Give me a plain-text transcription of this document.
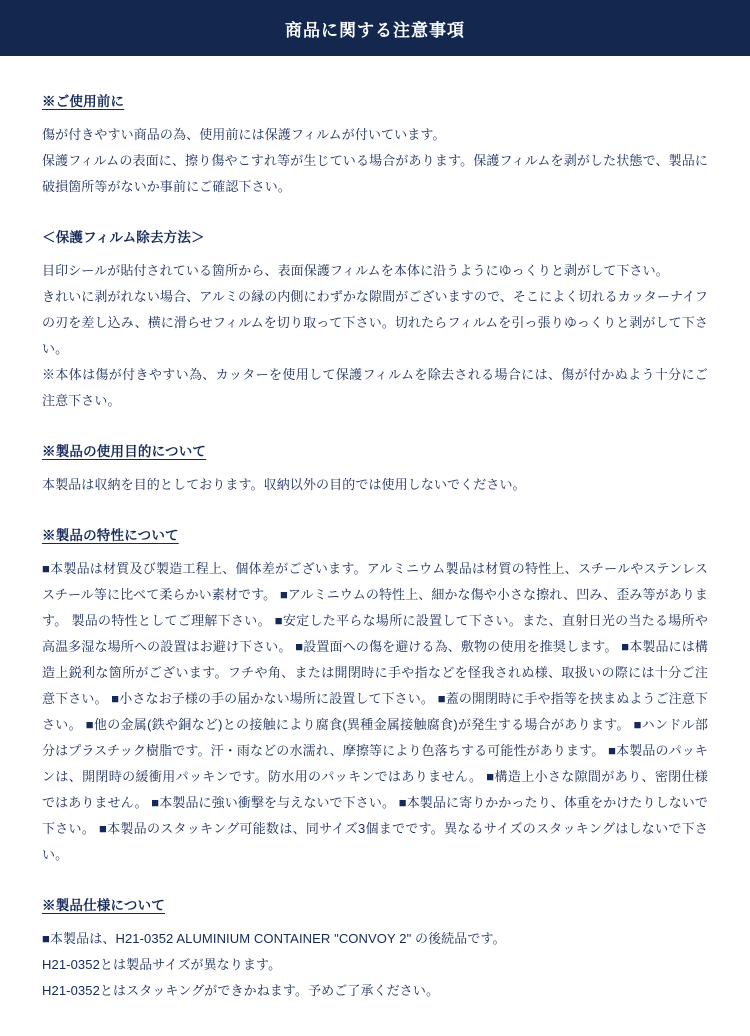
商品に関する注意事項
※ご使用前に

傷が付きやすい商品の為、使用前には保護フィルムが付いています。

保護フィルムの表面に、擦り傷やこすれ等が生じている場合があります。保護フィルムを剥がした状態で、製品に破損箇所等がないか事前にご確認下さい。

＜保護フィルム除去方法＞

目印シールが貼付されている箇所から、表面保護フィルムを本体に沿うようにゆっくりと剥がして下さい。

きれいに剥がれない場合、アルミの縁の内側にわずかな隙間がございますので、そこによく切れるカッターナイフの刃を差し込み、横に滑らせフィルムを切り取って下さい。切れたらフィルムを引っ張りゆっくりと剥がして下さい。

※本体は傷が付きやすい為、カッターを使用して保護フィルムを除去される場合には、傷が付かぬよう十分にご注意下さい。

※製品の使用目的について

本製品は収納を目的としております。収納以外の目的では使用しないでください。

※製品の特性について

■本製品は材質及び製造工程上、個体差がございます。アルミニウム製品は材質の特性上、スチールやステンレススチール等に比べて柔らかい素材です。 ■アルミニウムの特性上、細かな傷や小さな擦れ、凹み、歪み等があります。 製品の特性としてご理解下さい。 ■安定した平らな場所に設置して下さい。また、直射日光の当たる場所や高温多湿な場所への設置はお避け下さい。 ■設置面への傷を避ける為、敷物の使用を推奨します。 ■本製品には構造上鋭利な箇所がございます。フチや角、または開閉時に手や指などを怪我されぬ様、取扱いの際には十分ご注意下さい。 ■小さなお子様の手の届かない場所に設置して下さい。 ■蓋の開閉時に手や指等を挟まぬようご注意下さい。 ■他の金属(鉄や銅など)との接触により腐食(異種金属接触腐食)が発生する場合があります。 ■ハンドル部分はプラスチック樹脂です。汗・雨などの水濡れ、摩擦等により色落ちする可能性があります。 ■本製品のパッキンは、開閉時の緩衝用パッキンです。防水用のパッキンではありません。 ■構造上小さな隙間があり、密閉仕様ではありません。 ■本製品に強い衝撃を与えないで下さい。 ■本製品に寄りかかったり、体重をかけたりしないで下さい。 ■本製品のスタッキング可能数は、同サイズ3個までです。異なるサイズのスタッキングはしないで下さい。

※製品仕様について

■本製品は、H21-0352 ALUMINIUM CONTAINER "CONVOY 2" の後続品です。

H21-0352とは製品サイズが異なります。

H21-0352とはスタッキングができかねます。予めご了承ください。
